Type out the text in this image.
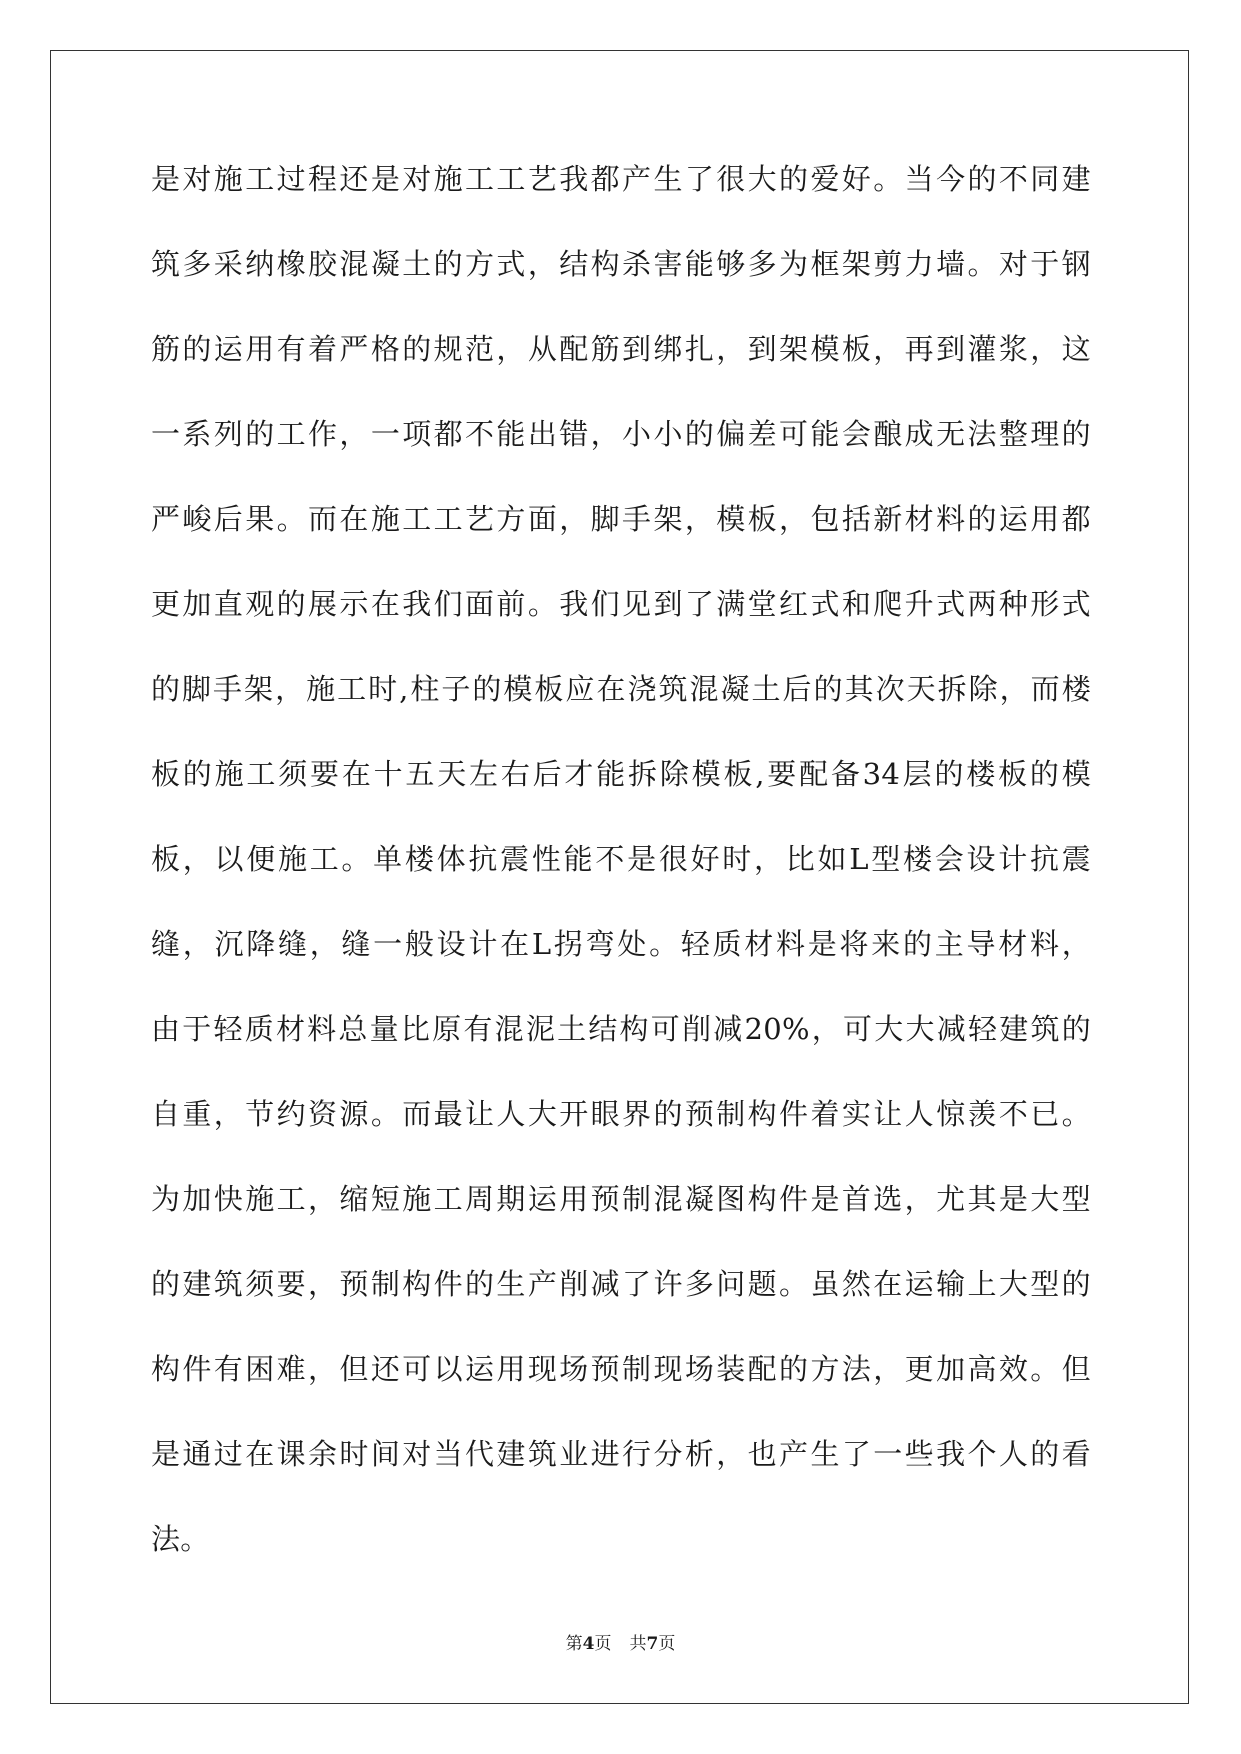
是对施工过程还是对施工工艺我都产生了很大的爱好。当今的不同建
筑多采纳橡胶混凝土的方式，结构杀害能够多为框架剪力墙。对于钢
筋的运用有着严格的规范，从配筋到绑扎，到架模板，再到灌浆，这
一系列的工作，一项都不能出错，小小的偏差可能会酿成无法整理的
严峻后果。而在施工工艺方面，脚手架，模板，包括新材料的运用都
更加直观的展示在我们面前。我们见到了满堂红式和爬升式两种形式
的脚手架，施工时,柱子的模板应在浇筑混凝土后的其次天拆除，而楼
板的施工须要在十五天左右后才能拆除模板,要配备34层的楼板的模
板，以便施工。单楼体抗震性能不是很好时，比如L型楼会设计抗震
缝，沉降缝，缝一般设计在L拐弯处。轻质材料是将来的主导材料，
由于轻质材料总量比原有混泥土结构可削减20%，可大大减轻建筑的
自重，节约资源。而最让人大开眼界的预制构件着实让人惊羡不已。
为加快施工，缩短施工周期运用预制混凝图构件是首选，尤其是大型
的建筑须要，预制构件的生产削减了许多问题。虽然在运输上大型的
构件有困难，但还可以运用现场预制现场装配的方法，更加高效。但
是通过在课余时间对当代建筑业进行分析，也产生了一些我个人的看
法。
第4页 共7页
